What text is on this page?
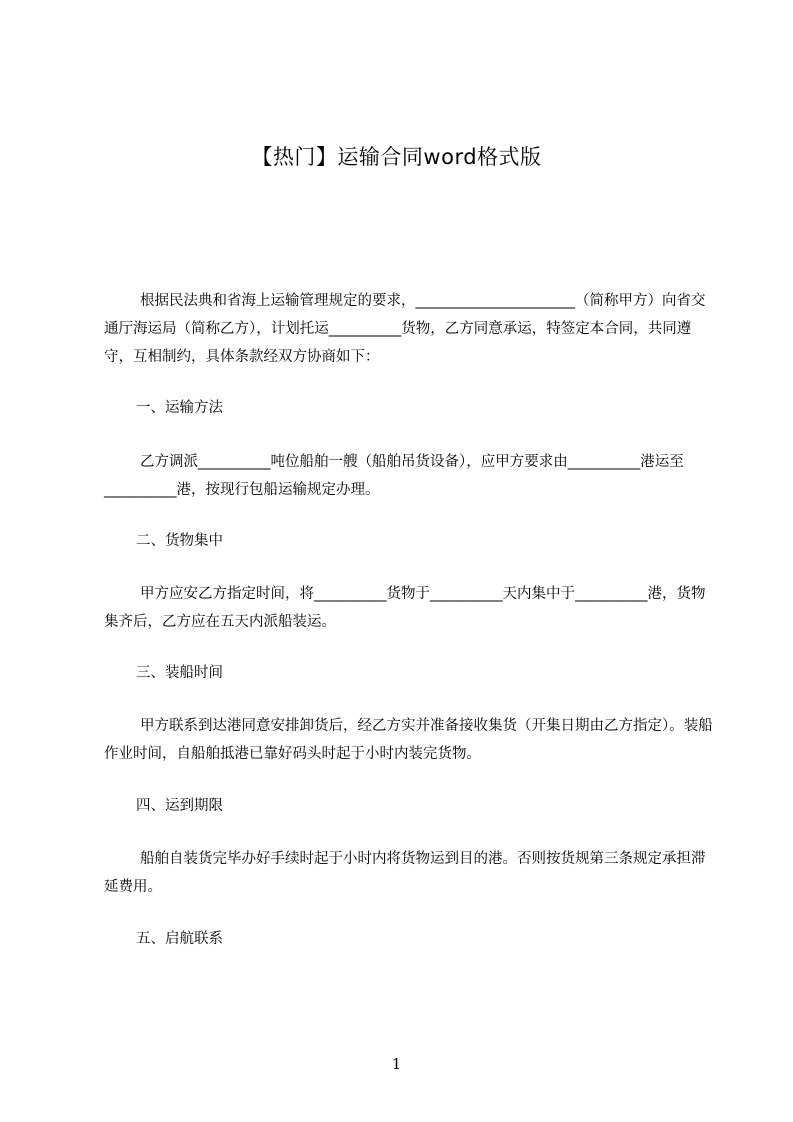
【热门】运输合同word格式版

根据民法典和省海上运输管理规定的要求，______________________（简称甲方）向省交通厅海运局（简称乙方），计划托运__________货物，乙方同意承运，特签定本合同，共同遵守，互相制约，具体条款经双方协商如下：

一、运输方法

乙方调派__________吨位船舶一艘（船舶吊货设备），应甲方要求由__________港运至__________港，按现行包船运输规定办理。

二、货物集中

甲方应安乙方指定时间，将__________货物于__________天内集中于__________港，货物集齐后，乙方应在五天内派船装运。

三、装船时间

甲方联系到达港同意安排卸货后，经乙方实并准备接收集货（开集日期由乙方指定）。装船作业时间，自船舶抵港已靠好码头时起于小时内装完货物。

四、运到期限

船舶自装货完毕办好手续时起于小时内将货物运到目的港。否则按货规第三条规定承担滞延费用。

五、启航联系

1
